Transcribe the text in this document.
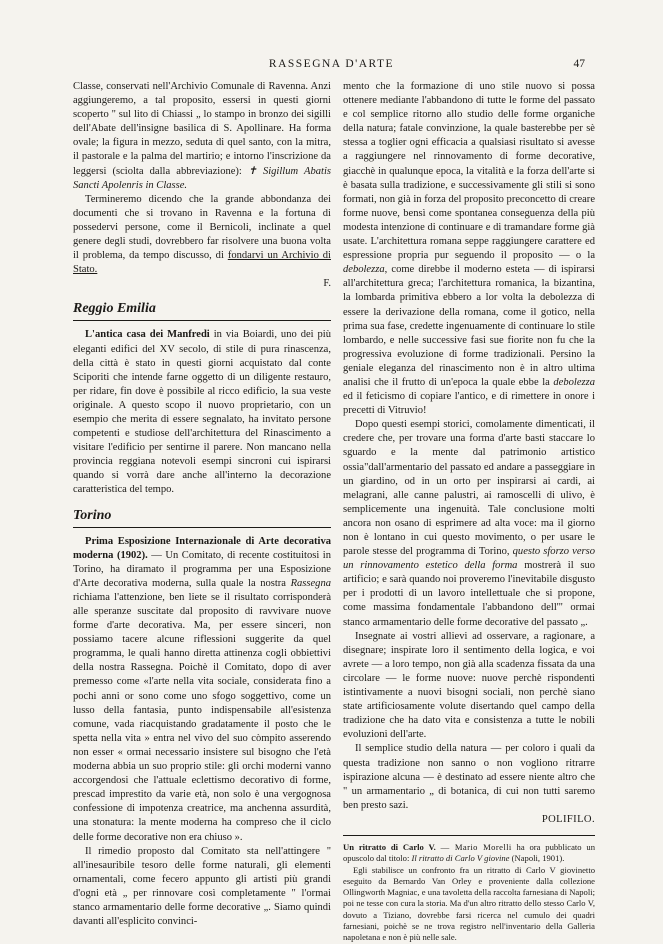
RASSEGNA D'ARTE	47

Classe, conservati nell'Archivio Comunale di Ravenna. Anzi aggiungeremo, a tal proposito, essersi in questi giorni scoperto " sul lito di Chiassi „ lo stampo in bronzo dei sigilli dell'Abate dell'insigne basilica di S. Apollinare. Ha forma ovale; la figura in mezzo, seduta di quel santo, con la mitra, il pastorale e la palma del martirio; e intorno l'inscrizione da leggersi (sciolta dalla abbreviazione): ✝ Sigillum Abatis Sancti Apolenris in Classe.

Termineremo dicendo che la grande abbondanza dei documenti che si trovano in Ravenna e la fortuna di possedervi persone, come il Bernicoli, inclinate a quel genere degli studi, dovrebbero far risolvere una buona volta il problema, da tempo discusso, di fondarvi un Archivio di Stato.

F.
Reggio Emilia

L'antica casa dei Manfredi in via Boiardi, uno dei più eleganti edifici del XV secolo, di stile di pura rinascenza, della città è stato in questi giorni acquistato dal conte Sciporiti che intende farne oggetto di un diligente restauro, per ridare, fin dove è possibile al ricco edificio, la sua veste originale. A questo scopo il nuovo proprietario, con un esempio che merita di essere segnalato, ha invitato persone competenti e studiose dell'architettura del Rinascimento a visitare l'edificio per sentirne il parere. Non mancano nella provincia reggiana notevoli esempi sincroni cui ispirarsi quando si vorrà dare anche all'interno la decorazione caratteristica del tempo.

Torino

Prima Esposizione Internazionale di Arte decorativa moderna (1902). — Un Comitato, di recente costituitosi in Torino, ha diramato il programma per una Esposizione d'Arte decorativa moderna, sulla quale la nostra Rassegna richiama l'attenzione, ben liete se il risultato corrisponderà alle speranze suscitate dal proposito di ravvivare nuove forme d'arte decorativa. Ma, per essere sinceri, non possiamo tacere alcune riflessioni suggerite da quel programma, le quali hanno diretta attinenza cogli obbiettivi della nostra Rassegna. Poichè il Comitato, dopo di aver premesso come «l'arte nella vita sociale, considerata fino a pochi anni or sono come uno sfogo soggettivo, come un lusso della fantasia, punto indispensabile all'esistenza comune, vada riacquistando gradatamente il posto che le spetta nella vita » entra nel vivo del suo còmpito asserendo non esser « ormai necessario insistere sul bisogno che l'età moderna abbia un suo proprio stile: gli orchi moderni vanno accorgendosi che l'attuale eclettismo decorativo di forme, prescad imprestito da varie età, non solo è una vergognosa confessione di impotenza creatrice, ma anchenna assurdità, una stonatura: la mente moderna ha compreso che il ciclo delle forme decorative non era chiuso ».

Il rimedio proposto dal Comitato sta nell'attingere " all'inesauribile tesoro delle forme naturali, gli elementi ornamentali, come fecero appunto gli artisti più grandi d'ogni età „ per rinnovare così completamente " l'ormai stanco armamentario delle forme decorative „. Siamo quindi davanti all'esplicito convinci-

mento che la formazione di uno stile nuovo si possa ottenere mediante l'abbandono di tutte le forme del passato e col semplice ritorno allo studio delle forme organiche della natura; fatale convinzione, la quale basterebbe per sè stessa a toglier ogni efficacia a qualsiasi risultato si avesse a raggiungere nel rinnovamento di forme decorative, giacchè in qualunque epoca, la vitalità e la forza dell'arte si è basata sulla tradizione, e successivamente gli stili si sono formati, non già in forza del proposito preconcetto di creare forme nuove, bensì come spontanea conseguenza della più modesta intenzione di continuare e di tramandare forme già usate. L'architettura romana seppe raggiungere carattere ed espressione propria pur seguendo il proposito — o la debolezza, come direbbe il moderno esteta — di ispirarsi all'architettura greca; l'architettura romanica, la bizantina, la lombarda primitiva ebbero a lor volta la debolezza di essere la derivazione della romana, come il gotico, nella prima sua fase, credette ingenuamente di continuare lo stile lombardo, e nelle successive fasi sue fiorite non fu che la progressiva evoluzione di forme tradizionali. Persino la geniale eleganza del rinascimento non è in altro ultima analisi che il frutto di un'epoca la quale ebbe la debolezza ed il feticismo di copiare l'antico, e di rimettere in onore i precetti di Vitruvio!

Dopo questi esempi storici, comolamente dimenticati, il credere che, per trovare una forma d'arte basti staccare lo sguardo e la mente dal patrimonio artistico ossia"dall'armentario del passato ed andare a passeggiare in un giardino, od in un orto per inspirarsi ai cardi, ai melagrani, alle canne palustri, ai ramoscelli di ulivo, è semplicemente una ingenuità. Tale conclusione molti ancora non osano di esprimere ad alta voce: ma il giorno non è lontano in cui questo movimento, o per usare le parole stesse del programma di Torino, questo sforzo verso un rinnovamento estetico della forma mostrerà il suo artificio; e sarà quando noi proveremo l'inevitabile disgusto per i prodotti di un lavoro intellettuale che si propone, come massima fondamentale l'abbandono dell'" ormai stanco armamentario delle forme decorative del passato „.

Insegnate ai vostri allievi ad osservare, a ragionare, a disegnare; inspirate loro il sentimento della logica, e voi avrete — a loro tempo, non già alla scadenza fissata da una circolare — le forme nuove: nuove perchè rispondenti istintivamente a nuovi bisogni sociali, non perchè siano state artificiosamente volute disertando quel campo della tradizione che ha dato vita e consistenza a tutte le nobili evoluzioni dell'arte.

Il semplice studio della natura — per coloro i quali da questa tradizione non sanno o non vogliono ritrarre ispirazione alcuna — è destinato ad essere niente altro che " un armamentario „ di botanica, di cui non tutti saremo ben presto sazi.

POLIFILO.

Un ritratto di Carlo V. — Mario Morelli ha ora pubblicato un opuscolo dal titolo: Il ritratto di Carlo V giovine (Napoli, 1901).

Egli stabilisce un confronto fra un ritratto di Carlo V giovinetto eseguito da Bernardo Van Orley e proveniente dalla collezione Ollingworth Magniac, e una tavoletta della raccolta farnesiana di Napoli; poi ne tesse con cura la storia. Ma d'un altro ritratto dello stesso Carlo V, dovuto a Tiziano, dovrebbe farsi ricerca nel cumulo dei quadri farnesiani, poichè se ne trova registro nell'inventario della Galleria napoletana e non è più nelle sale.
